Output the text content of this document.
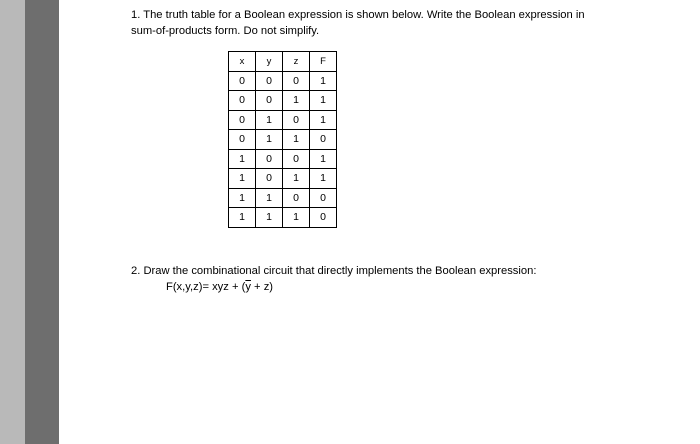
1. The truth table for a Boolean expression is shown below. Write the Boolean expression in sum-of-products form. Do not simplify.
x	y	z	F
0	0	0	1
0	0	1	1
0	1	0	1
0	1	1	0
1	0	0	1
1	0	1	1
1	1	0	0
1	1	1	0
2. Draw the combinational circuit that directly implements the Boolean expression:
F(x,y,z)= xyz + $(\overline{y} + z)$
